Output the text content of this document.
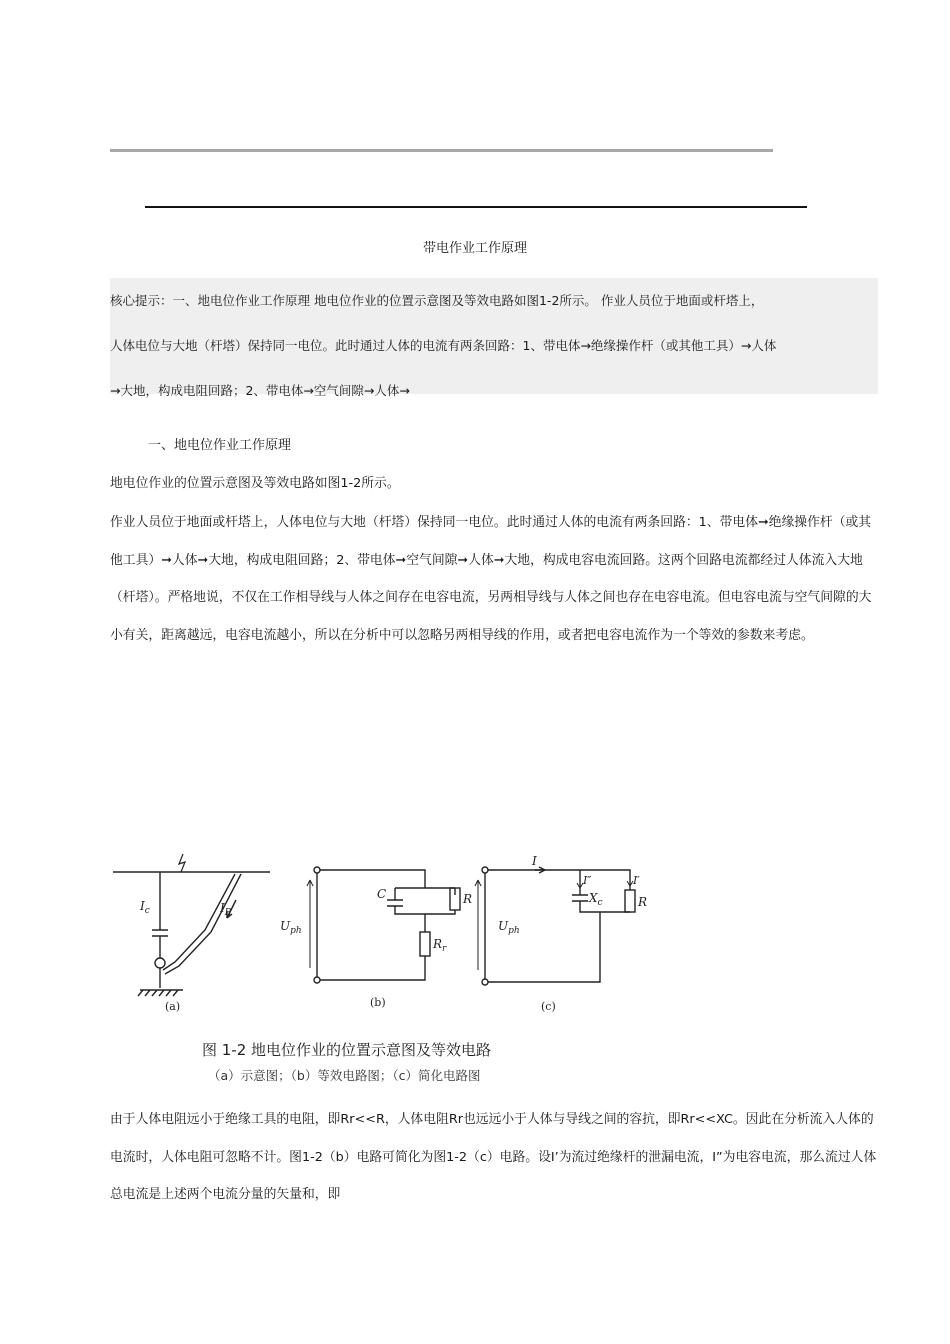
带电作业工作原理

核心提示：一、地电位作业工作原理 地电位作业的位置示意图及等效电路如图1-2所示。 作业人员位于地面或杆塔上，

人体电位与大地（杆塔）保持同一电位。此时通过人体的电流有两条回路：1、带电体→绝缘操作杆（或其他工具）→人体

→大地，构成电阻回路；2、带电体→空气间隙→人体→

一、地电位作业工作原理

地电位作业的位置示意图及等效电路如图1-2所示。

作业人员位于地面或杆塔上，人体电位与大地（杆塔）保持同一电位。此时通过人体的电流有两条回路：1、带电体➞绝缘操作杆（或其他工具）➞人体➞大地，构成电阻回路；2、带电体➞空气间隙➞人体➞大地，构成电容电流回路。这两个回路电流都经过人体流入大地（杆塔）。严格地说，不仅在工作相导线与人体之间存在电容电流，另两相导线与人体之间也存在电容电流。但电容电流与空气间隙的大小有关，距离越远，电容电流越小，所以在分析中可以忽略另两相导线的作用，或者把电容电流作为一个等效的参数来考虑。

$I_c$	$I_R$
C	R
$R_r$
$U_{ph}$
I
I″	I′
$X_c$	R
$U_{ph}$
(a)	(b)	(c)
图 1-2 地电位作业的位置示意图及等效电路
（a）示意图；（b）等效电路图；（c）简化电路图

由于人体电阻远小于绝缘工具的电阻，即Rr<<R，人体电阻Rr也远远小于人体与导线之间的容抗，即Rr<<XC。因此在分析流入人体的电流时，人体电阻可忽略不计。图1-2（b）电路可简化为图1-2（c）电路。设I’为流过绝缘杆的泄漏电流，I”为电容电流，那么流过人体总电流是上述两个电流分量的矢量和，即
